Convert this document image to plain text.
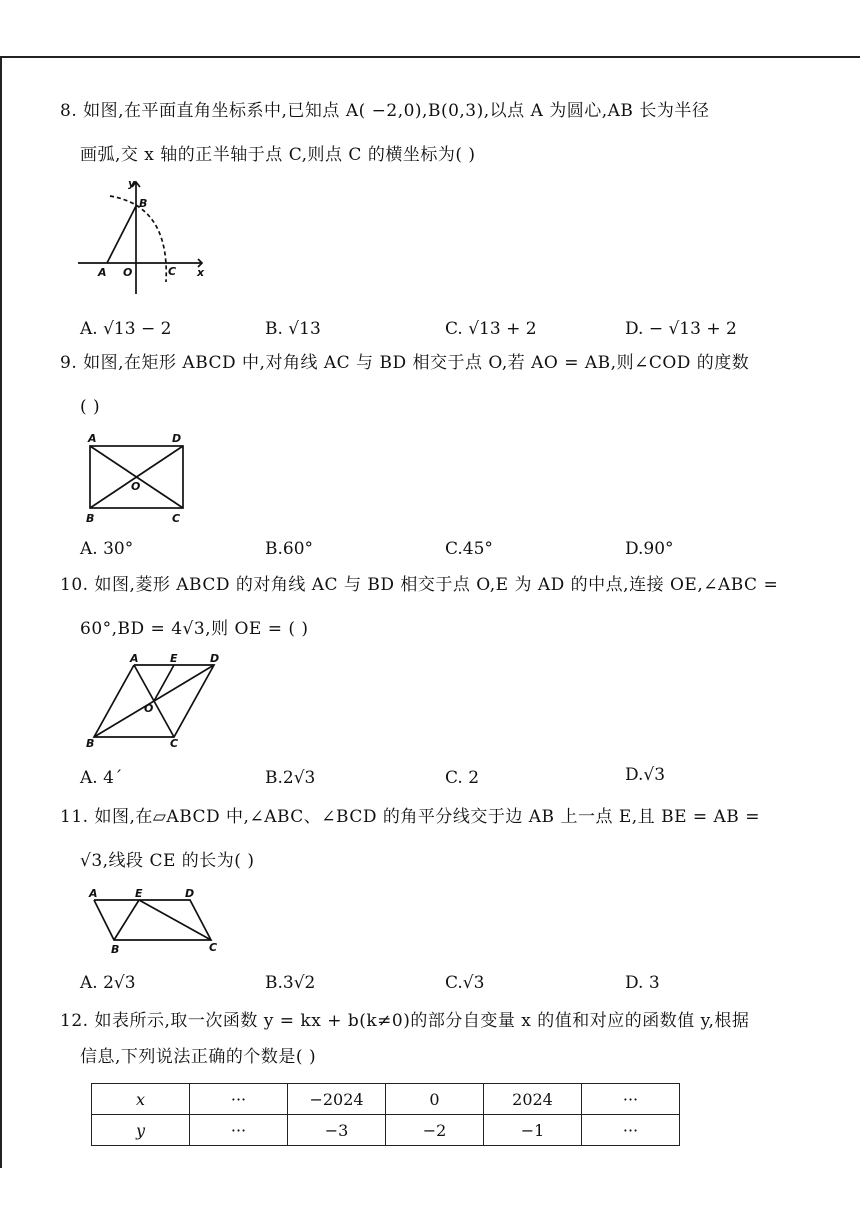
8. 如图,在平面直角坐标系中,已知点 A( −2,0),B(0,3),以点 A 为圆心,AB 长为半径
画弧,交 x 轴的正半轴于点 C,则点 C 的横坐标为( )
y
B
A O	C x
A. √13 − 2	B. √13	C. √13 + 2	D. − √13 + 2
9. 如图,在矩形 ABCD 中,对角线 AC 与 BD 相交于点 O,若 AO = AB,则∠COD 的度数
( )
A	D
O
B	C
A. 30°	B.60°	C.45°	D.90°
10. 如图,菱形 ABCD 的对角线 AC 与 BD 相交于点 O,E 为 AD 的中点,连接 OE,∠ABC =
60°,BD = 4√3,则 OE = ( )
A	E	D
O
B	C
A. 4ˊ	B.2√3	C. 2	D.√3
11. 如图,在▱ABCD 中,∠ABC、∠BCD 的角平分线交于边 AB 上一点 E,且 BE = AB =
√3,线段 CE 的长为( )
A	E	D
B	C
A. 2√3	B.3√2	C.√3	D. 3
12. 如表所示,取一次函数 y = kx + b(k≠0)的部分自变量 x 的值和对应的函数值 y,根据
信息,下列说法正确的个数是( )
x	···	−2024	0	2024	···
y	···	−3	−2	−1	···
